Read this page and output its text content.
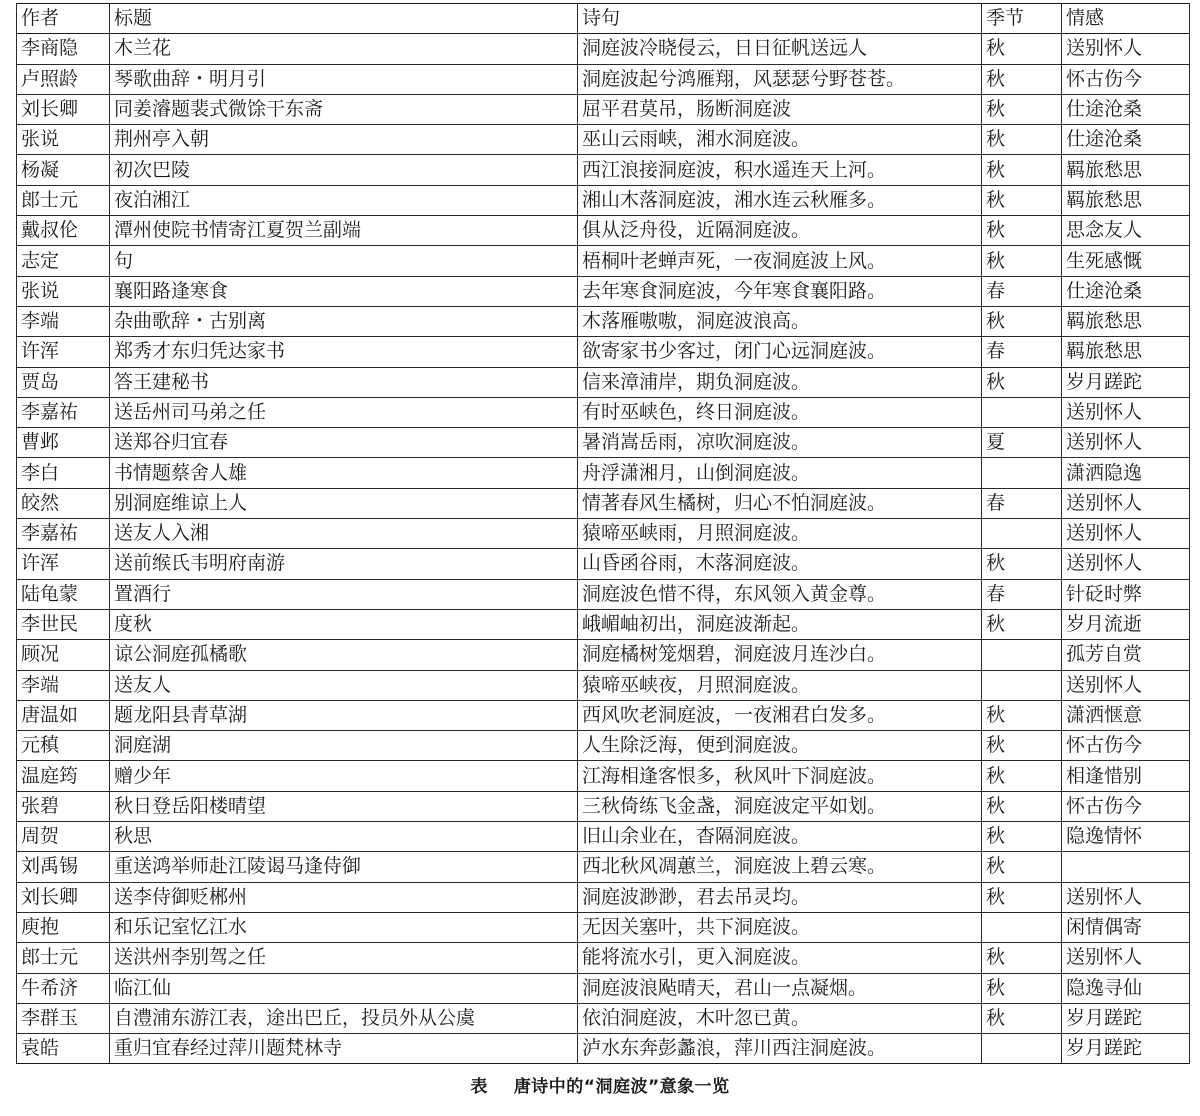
作者	标题	诗句	季节	情感
李商隐	木兰花	洞庭波冷晓侵云，日日征帆送远人	秋	送别怀人
卢照龄	琴歌曲辞・明月引	洞庭波起兮鸿雁翔，风瑟瑟兮野苍苍。	秋	怀古伤今
刘长卿	同姜濬题裴式微馀干东斋	屈平君莫吊，肠断洞庭波	秋	仕途沧桑
张说	荆州亭入朝	巫山云雨峡，湘水洞庭波。	秋	仕途沧桑
杨凝	初次巴陵	西江浪接洞庭波，积水遥连天上河。	秋	羁旅愁思
郎士元	夜泊湘江	湘山木落洞庭波，湘水连云秋雁多。	秋	羁旅愁思
戴叔伦	潭州使院书情寄江夏贺兰副端	俱从泛舟役，近隔洞庭波。	秋	思念友人
志定	句	梧桐叶老蝉声死，一夜洞庭波上风。	秋	生死感慨
张说	襄阳路逢寒食	去年寒食洞庭波，今年寒食襄阳路。	春	仕途沧桑
李端	杂曲歌辞・古别离	木落雁嗷嗷，洞庭波浪高。	秋	羁旅愁思
许浑	郑秀才东归凭达家书	欲寄家书少客过，闭门心远洞庭波。	春	羁旅愁思
贾岛	答王建秘书	信来漳浦岸，期负洞庭波。	秋	岁月蹉跎
李嘉祐	送岳州司马弟之任	有时巫峡色，终日洞庭波。		送别怀人
曹邺	送郑谷归宜春	暑消嵩岳雨，凉吹洞庭波。	夏	送别怀人
李白	书情题蔡舍人雄	舟浮潇湘月，山倒洞庭波。		潇洒隐逸
皎然	别洞庭维谅上人	情著春风生橘树，归心不怕洞庭波。	春	送别怀人
李嘉祐	送友人入湘	猿啼巫峡雨，月照洞庭波。		送别怀人
许浑	送前缑氏韦明府南游	山昏函谷雨，木落洞庭波。	秋	送别怀人
陆龟蒙	置酒行	洞庭波色惜不得，东风领入黄金尊。	春	针砭时弊
李世民	度秋	峨嵋岫初出，洞庭波渐起。	秋	岁月流逝
顾况	谅公洞庭孤橘歌	洞庭橘树笼烟碧，洞庭波月连沙白。		孤芳自赏
李端	送友人	猿啼巫峡夜，月照洞庭波。		送别怀人
唐温如	题龙阳县青草湖	西风吹老洞庭波，一夜湘君白发多。	秋	潇洒惬意
元稹	洞庭湖	人生除泛海，便到洞庭波。	秋	怀古伤今
温庭筠	赠少年	江海相逢客恨多，秋风叶下洞庭波。	秋	相逢惜别
张碧	秋日登岳阳楼晴望	三秋倚练飞金盏，洞庭波定平如划。	秋	怀古伤今
周贺	秋思	旧山余业在，杳隔洞庭波。	秋	隐逸情怀
刘禹锡	重送鸿举师赴江陵谒马逢侍御	西北秋风凋蕙兰，洞庭波上碧云寒。	秋	
刘长卿	送李侍御贬郴州	洞庭波渺渺，君去吊灵均。	秋	送别怀人
庾抱	和乐记室忆江水	无因关塞叶，共下洞庭波。		闲情偶寄
郎士元	送洪州李别驾之任	能将流水引，更入洞庭波。	秋	送别怀人
牛希济	临江仙	洞庭波浪飐晴天，君山一点凝烟。	秋	隐逸寻仙
李群玉	自澧浦东游江表，途出巴丘，投员外从公虞	依泊洞庭波，木叶忽已黄。	秋	岁月蹉跎
袁皓	重归宜春经过萍川题梵林寺	泸水东奔彭蠡浪，萍川西注洞庭波。		岁月蹉跎
表 唐诗中的“洞庭波”意象一览
